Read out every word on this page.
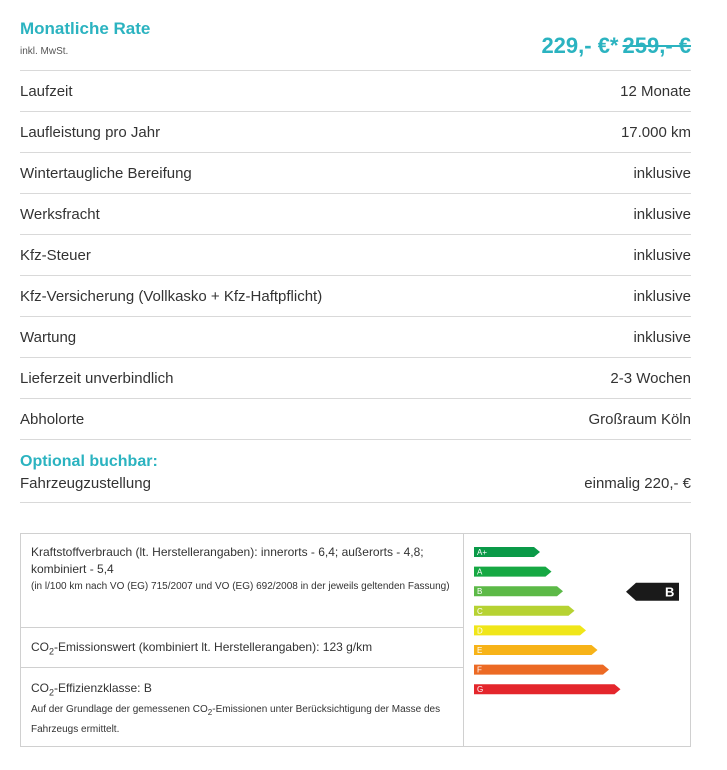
Monatliche Rate
inkl. MwSt.	229,- €* 259,- €
Laufzeit	12 Monate
Laufleistung pro Jahr	17.000 km
Wintertaugliche Bereifung	inklusive
Werksfracht	inklusive
Kfz-Steuer	inklusive
Kfz-Versicherung (Vollkasko + Kfz-Haftpflicht)	inklusive
Wartung	inklusive
Lieferzeit unverbindlich	2-3 Wochen
Abholorte	Großraum Köln
Optional buchbar:
Fahrzeugzustellung	einmalig 220,- €
Kraftstoffverbrauch (lt. Herstellerangaben): innerorts - 6,4; außerorts - 4,8; kombiniert - 5,4
(in l/100 km nach VO (EG) 715/2007 und VO (EG) 692/2008 in der jeweils geltenden Fassung)
$CO_2$-Emissionswert (kombiniert lt. Herstellerangaben): 123 g/km
$CO_2$-Effizienzklasse: B
Auf der Grundlage der gemessenen $CO_2$-Emissionen unter Berücksichtigung der Masse des Fahrzeugs ermittelt.
A+
A
B
C
D
E
F
G
B
